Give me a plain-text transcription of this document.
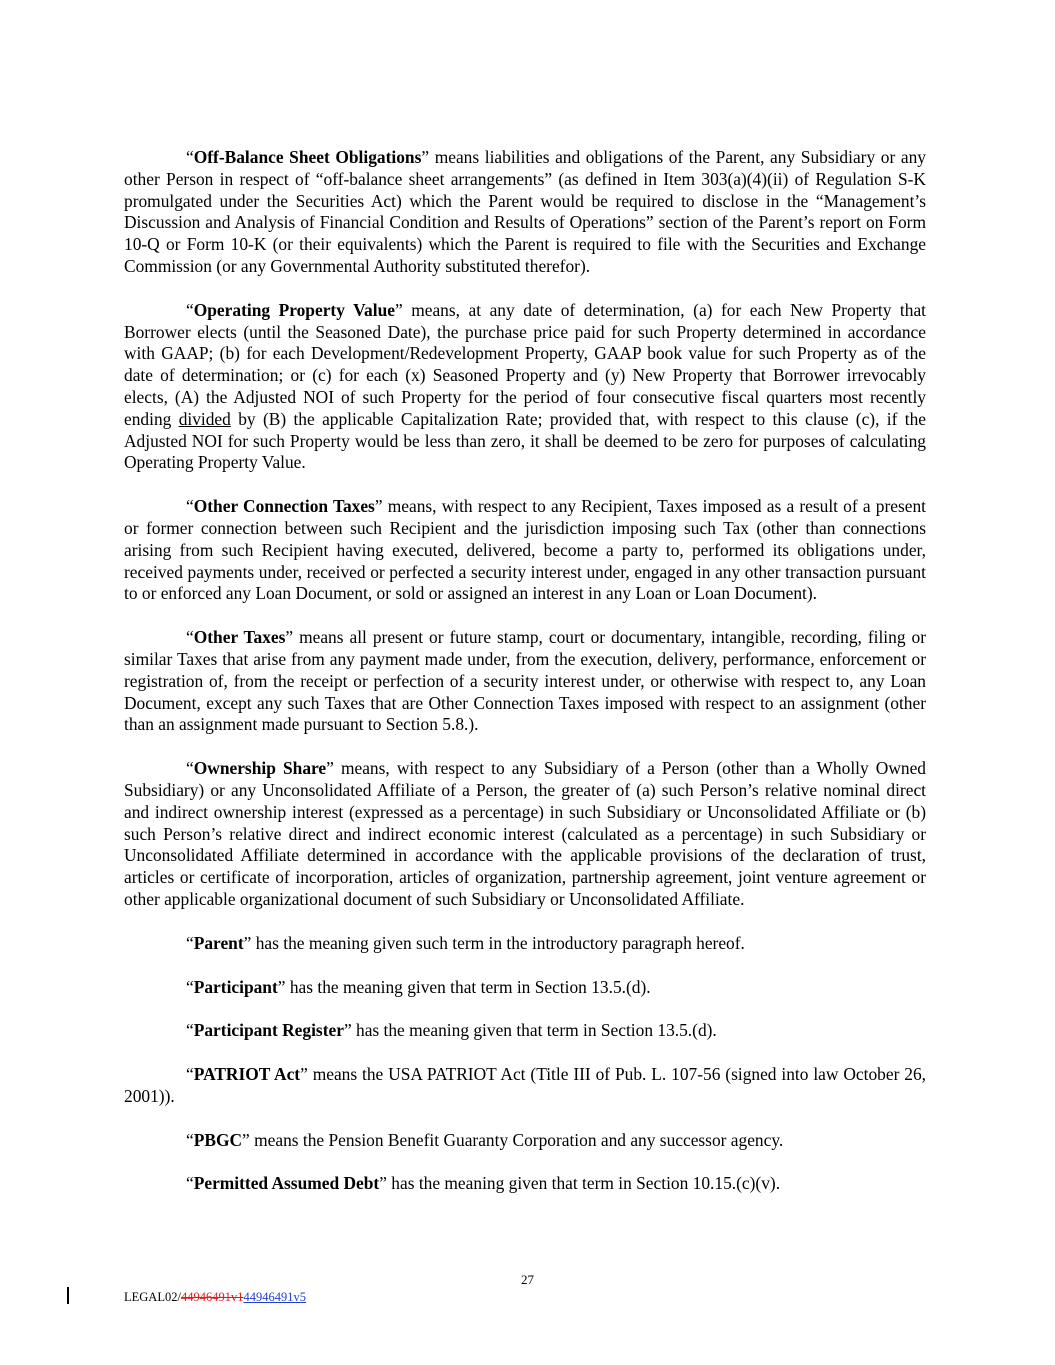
“Off-Balance Sheet Obligations” means liabilities and obligations of the Parent, any Subsidiary or any other Person in respect of “off-balance sheet arrangements” (as defined in Item 303(a)(4)(ii) of Regulation S-K promulgated under the Securities Act) which the Parent would be required to disclose in the “Management’s Discussion and Analysis of Financial Condition and Results of Operations” section of the Parent’s report on Form 10-Q or Form 10-K (or their equivalents) which the Parent is required to file with the Securities and Exchange Commission (or any Governmental Authority substituted therefor).

“Operating Property Value” means, at any date of determination, (a) for each New Property that Borrower elects (until the Seasoned Date), the purchase price paid for such Property determined in accordance with GAAP; (b) for each Development/Redevelopment Property, GAAP book value for such Property as of the date of determination; or (c) for each (x) Seasoned Property and (y) New Property that Borrower irrevocably elects, (A) the Adjusted NOI of such Property for the period of four consecutive fiscal quarters most recently ending divided by (B) the applicable Capitalization Rate; provided that, with respect to this clause (c), if the Adjusted NOI for such Property would be less than zero, it shall be deemed to be zero for purposes of calculating Operating Property Value.

“Other Connection Taxes” means, with respect to any Recipient, Taxes imposed as a result of a present or former connection between such Recipient and the jurisdiction imposing such Tax (other than connections arising from such Recipient having executed, delivered, become a party to, performed its obligations under, received payments under, received or perfected a security interest under, engaged in any other transaction pursuant to or enforced any Loan Document, or sold or assigned an interest in any Loan or Loan Document).

“Other Taxes” means all present or future stamp, court or documentary, intangible, recording, filing or similar Taxes that arise from any payment made under, from the execution, delivery, performance, enforcement or registration of, from the receipt or perfection of a security interest under, or otherwise with respect to, any Loan Document, except any such Taxes that are Other Connection Taxes imposed with respect to an assignment (other than an assignment made pursuant to Section 5.8.).

“Ownership Share” means, with respect to any Subsidiary of a Person (other than a Wholly Owned Subsidiary) or any Unconsolidated Affiliate of a Person, the greater of (a) such Person’s relative nominal direct and indirect ownership interest (expressed as a percentage) in such Subsidiary or Unconsolidated Affiliate or (b) such Person’s relative direct and indirect economic interest (calculated as a percentage) in such Subsidiary or Unconsolidated Affiliate determined in accordance with the applicable provisions of the declaration of trust, articles or certificate of incorporation, articles of organization, partnership agreement, joint venture agreement or other applicable organizational document of such Subsidiary or Unconsolidated Affiliate.

“Parent” has the meaning given such term in the introductory paragraph hereof.

“Participant” has the meaning given that term in Section 13.5.(d).

“Participant Register” has the meaning given that term in Section 13.5.(d).

“PATRIOT Act” means the USA PATRIOT Act (Title III of Pub. L. 107-56 (signed into law October 26, 2001)).

“PBGC” means the Pension Benefit Guaranty Corporation and any successor agency.

“Permitted Assumed Debt” has the meaning given that term in Section 10.15.(c)(v).

27
LEGAL02/44946491v144946491v5
